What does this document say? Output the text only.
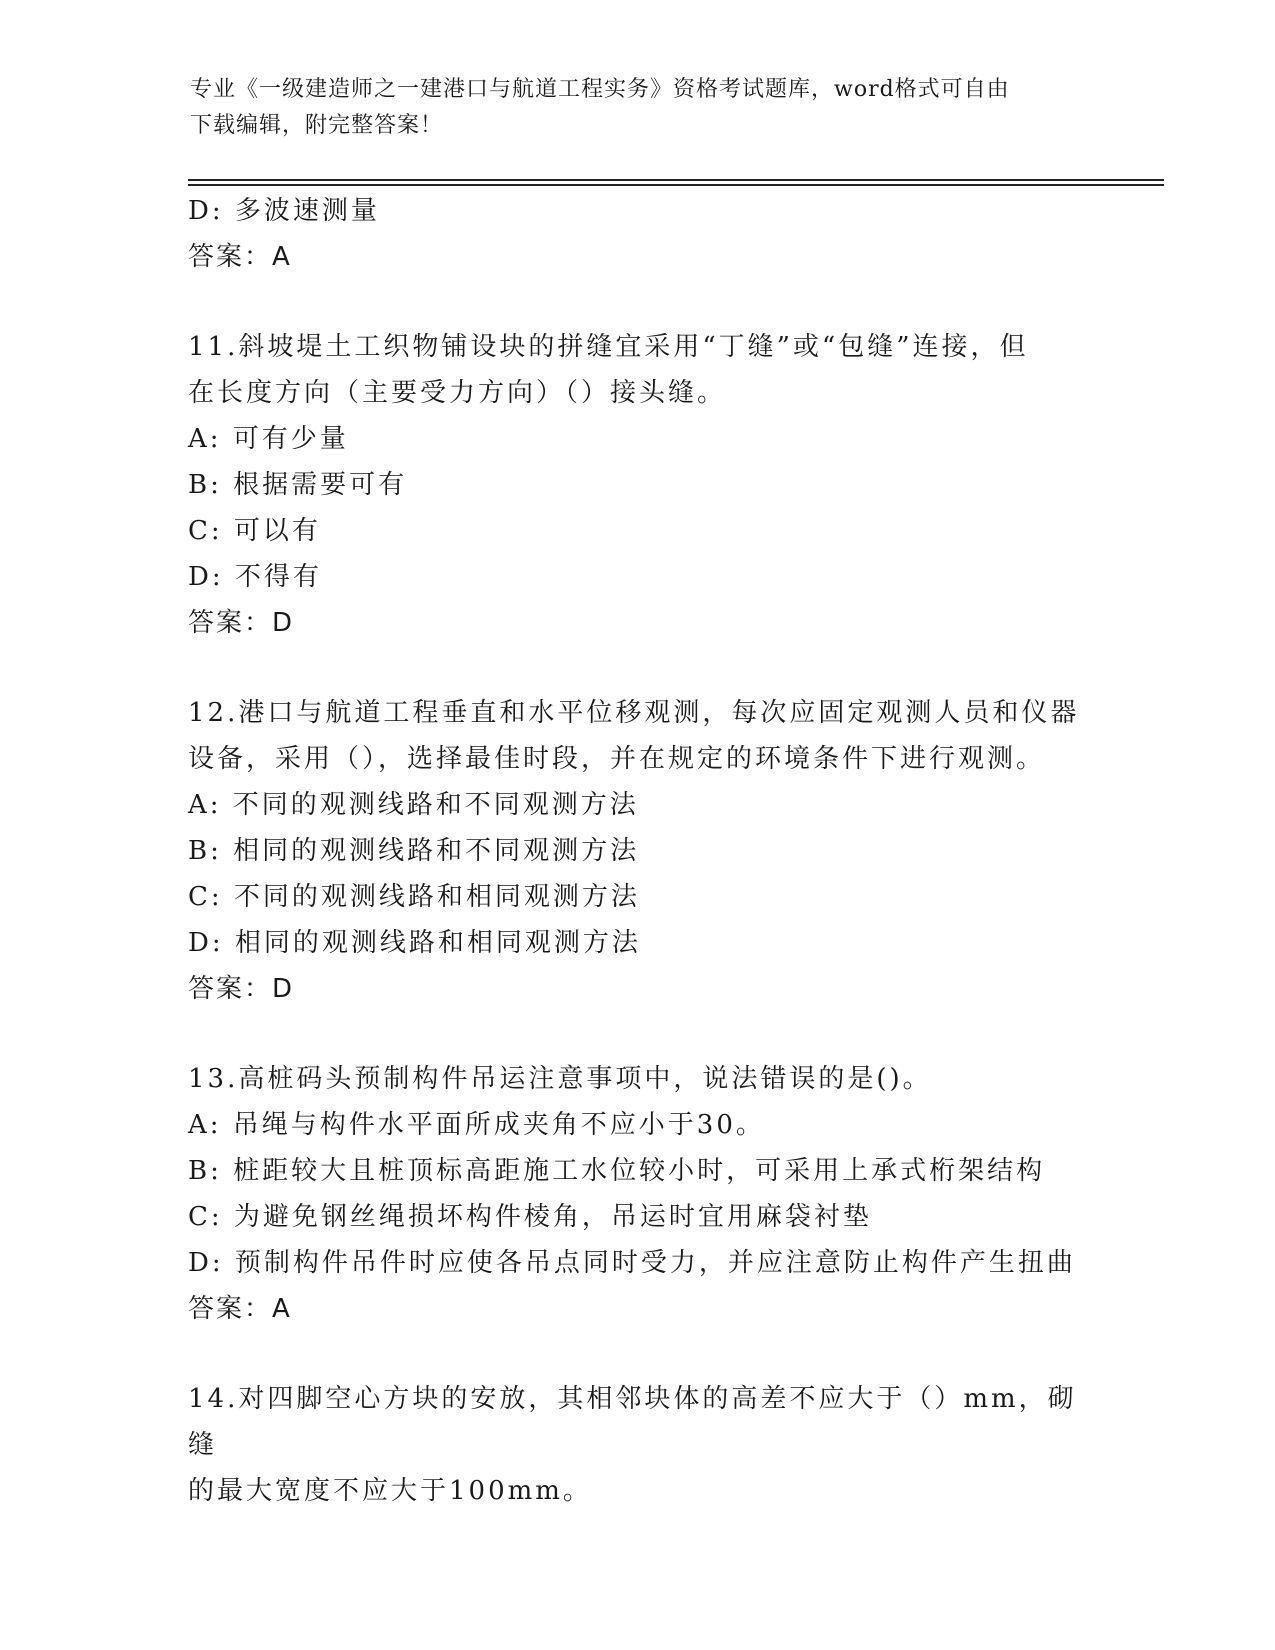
专业《一级建造师之一建港口与航道工程实务》资格考试题库，word格式可自由
下载编辑，附完整答案！
D: 多波速测量
答案：A
11.斜坡堤土工织物铺设块的拼缝宜采用“丁缝”或“包缝”连接，但
在长度方向（主要受力方向）（）接头缝。
A: 可有少量
B: 根据需要可有
C: 可以有
D: 不得有
答案：D
12.港口与航道工程垂直和水平位移观测，每次应固定观测人员和仪器
设备，采用（），选择最佳时段，并在规定的环境条件下进行观测。
A: 不同的观测线路和不同观测方法
B: 相同的观测线路和不同观测方法
C: 不同的观测线路和相同观测方法
D: 相同的观测线路和相同观测方法
答案：D
13.高桩码头预制构件吊运注意事项中，说法错误的是()。
A: 吊绳与构件水平面所成夹角不应小于30。
B: 桩距较大且桩顶标高距施工水位较小时，可采用上承式桁架结构
C: 为避免钢丝绳损坏构件棱角，吊运时宜用麻袋衬垫
D: 预制构件吊件时应使各吊点同时受力，并应注意防止构件产生扭曲
答案：A
14.对四脚空心方块的安放，其相邻块体的高差不应大于（）mm，砌缝
的最大宽度不应大于100mm。
